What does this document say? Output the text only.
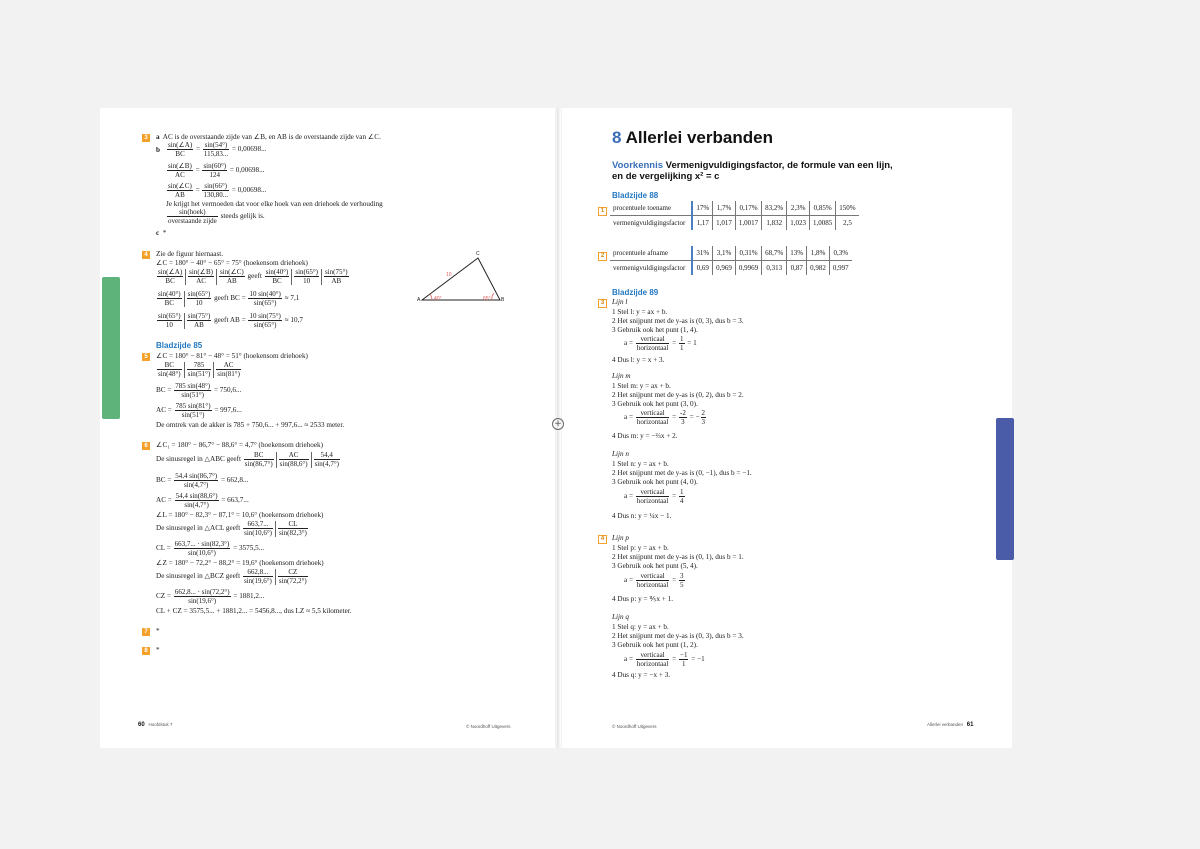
+
3	a AC is de overstaande zijde van ∠B, en AB is de overstaande zijde van ∠C.
b $\frac{\sin(\angle A)}{BC} = \frac{\sin(54^\circ)}{115,83...} = 0,00698$...
$\frac{\sin(\angle B)}{AC} = \frac{\sin(60^\circ)}{124} = 0,00698$...
$\frac{\sin(\angle C)}{AB} = \frac{\sin(66^\circ)}{130,80...} = 0,00698$...
Je krijgt het vermoeden dat voor elke hoek van een driehoek de verhouding
$\frac{\text{sin(hoek)}}{\text{overstaande zijde}}$ steeds gelijk is.
c *
4	Zie de figuur hiernaast.
∠C = 180° − 40° − 65° = 75° (hoekensom driehoek)
$\frac{\sin(\angle A)}{BC} \frac{\sin(\angle B)}{AC} \frac{\sin(\angle C)}{AB}$ geeft $\frac{\sin(40^\circ)}{BC} \frac{\sin(65^\circ)}{10} \frac{\sin(75^\circ)}{AB}$
$\frac{\sin(40^\circ)}{BC} \frac{\sin(65^\circ)}{10}$ geeft BC = $\frac{10 \sin(40^\circ)}{\sin(65^\circ)} \approx 7,1$
$\frac{\sin(65^\circ)}{10} \frac{\sin(75^\circ)}{AB}$ geeft AB = $\frac{10 \sin(75^\circ)}{\sin(65^\circ)} \approx 10,7$
A	B
C
10
40°	65°
Bladzijde 85
5	∠C = 180° − 81° − 48° = 51° (hoekensom driehoek)
$\frac{BC}{\sin(48^\circ)} \frac{785}{\sin(51^\circ)} \frac{AC}{\sin(81^\circ)}$
BC = $\frac{785 \sin(48^\circ)}{\sin(51^\circ)} = 750,6$...
AC = $\frac{785 \sin(81^\circ)}{\sin(51^\circ)} = 997,6$...
De omtrek van de akker is 785 + 750,6... + 997,6... ≈ 2533 meter.
6	∠C₁ = 180° − 86,7° − 88,6° = 4,7° (hoekensom driehoek)
De sinusregel in △ABC geeft $\frac{BC}{\sin(86,7^\circ)} \frac{AC}{\sin(88,6^\circ)} \frac{54,4}{\sin(4,7^\circ)}$
BC = $\frac{54,4 \sin(86,7^\circ)}{\sin(4,7^\circ)} = 662,8$...
AC = $\frac{54,4 \sin(88,6^\circ)}{\sin(4,7^\circ)} = 663,7$...
∠L = 180° − 82,3° − 87,1° = 10,6° (hoekensom driehoek)
De sinusregel in △ACL geeft $\frac{663,7...}{\sin(10,6^\circ)} \frac{CL}{\sin(82,3^\circ)}$
CL = $\frac{663,7... \cdot \sin(82,3^\circ)}{\sin(10,6^\circ)} = 3575,5$...
∠Z = 180° − 72,2° − 88,2° = 19,6° (hoekensom driehoek)
De sinusregel in △BCZ geeft $\frac{662,8...}{\sin(19,6^\circ)} \frac{CZ}{\sin(72,2^\circ)}$
CZ = $\frac{662,8... \cdot \sin(72,2^\circ)}{\sin(19,6^\circ)} = 1881,2$...
CL + CZ = 3575,5... + 1881,2... = 5456,8..., dus LZ ≈ 5,5 kilometer.
7	*
8	*
60 Hoofdstuk 7	© Noordhoff Uitgevers
8 Allerlei verbanden
Voorkennis Vermenigvuldigingsfactor, de formule van een lijn,
en de vergelijking x² = c
Bladzijde 88
1	procentuele toename	17%	1,7%	0,17%	83,2%	2,3%	0,85%	150%
vermenigvuldigingsfactor	1,17	1,017	1,0017	1,832	1,023	1,0085	2,5
2	procentuele afname	31%	3,1%	0,31%	68,7%	13%	1,8%	0,3%
vermenigvuldigingsfactor	0,69	0,969	0,9969	0,313	0,87	0,982	0,997
Bladzijde 89
3	Lijn l
1 Stel l: y = ax + b.
2 Het snijpunt met de y-as is (0, 3), dus b = 3.
3 Gebruik ook het punt (1, 4).
$a = \frac{\text{verticaal}}{\text{horizontaal}} = \frac{1}{1} = 1$
4 Dus l: y = x + 3.
Lijn m
1 Stel m: y = ax + b.
2 Het snijpunt met de y-as is (0, 2), dus b = 2.
3 Gebruik ook het punt (3, 0).
$a = \frac{\text{verticaal}}{\text{horizontaal}} = \frac{-2}{3}$ = − $\frac{2}{3}$
4 Dus m: y = −⅔x + 2.
Lijn n
1 Stel n: y = ax + b.
2 Het snijpunt met de y-as is (0, −1), dus b = −1.
3 Gebruik ook het punt (4, 0).
$a = \frac{\text{verticaal}}{\text{horizontaal}} = \frac{1}{4}$
4 Dus n: y = ¼x − 1.
4	Lijn p
1 Stel p: y = ax + b.
2 Het snijpunt met de y-as is (0, 1), dus b = 1.
3 Gebruik ook het punt (5, 4).
$a = \frac{\text{verticaal}}{\text{horizontaal}} = \frac{3}{5}$
4 Dus p: y = ⅗x + 1.
Lijn q
1 Stel q: y = ax + b.
2 Het snijpunt met de y-as is (0, 3), dus b = 3.
3 Gebruik ook het punt (1, 2).
$a = \frac{\text{verticaal}}{\text{horizontaal}} = \frac{-1}{1} = -1$
4 Dus q: y = −x + 3.
© Noordhoff Uitgevers	Allerlei verbanden 61
